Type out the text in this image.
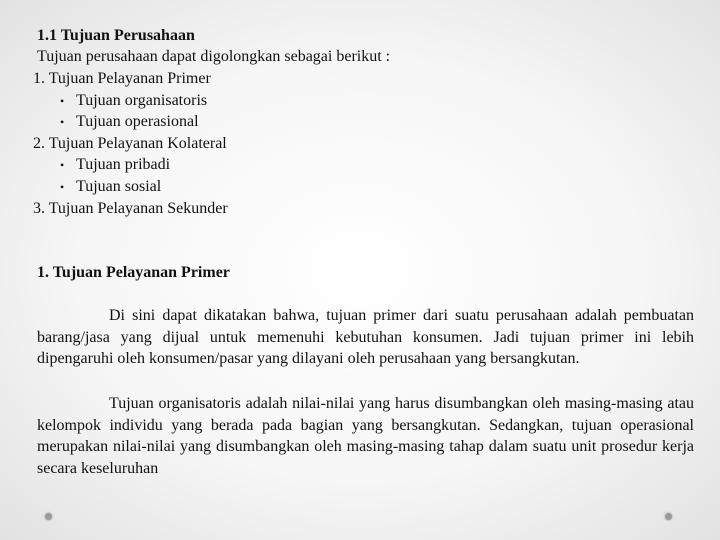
1.1 Tujuan Perusahaan
Tujuan perusahaan dapat digolongkan sebagai berikut :
1. Tujuan Pelayanan Primer
• Tujuan organisatoris
• Tujuan operasional
2. Tujuan Pelayanan Kolateral
• Tujuan pribadi
• Tujuan sosial
3. Tujuan Pelayanan Sekunder
1. Tujuan Pelayanan Primer
Di sini dapat dikatakan bahwa, tujuan primer dari suatu perusahaan adalah pembuatan barang/jasa yang dijual untuk memenuhi kebutuhan konsumen. Jadi tujuan primer ini lebih dipengaruhi oleh konsumen/pasar yang dilayani oleh perusahaan yang bersangkutan.
Tujuan organisatoris adalah nilai-nilai yang harus disumbangkan oleh masing-masing atau kelompok individu yang berada pada bagian yang bersangkutan. Sedangkan, tujuan operasional merupakan nilai-nilai yang disumbangkan oleh masing-masing tahap dalam suatu unit prosedur kerja secara keseluruhan
